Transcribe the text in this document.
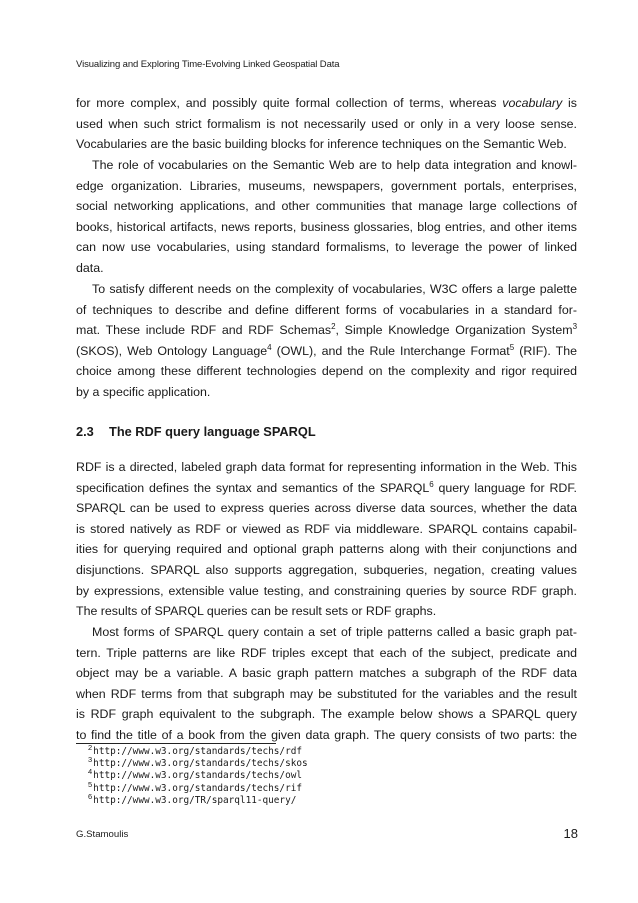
Visualizing and Exploring Time-Evolving Linked Geospatial Data
for more complex, and possibly quite formal collection of terms, whereas vocabulary is
used when such strict formalism is not necessarily used or only in a very loose sense.
Vocabularies are the basic building blocks for inference techniques on the Semantic Web.
The role of vocabularies on the Semantic Web are to help data integration and knowl-
edge organization. Libraries, museums, newspapers, government portals, enterprises,
social networking applications, and other communities that manage large collections of
books, historical artifacts, news reports, business glossaries, blog entries, and other items
can now use vocabularies, using standard formalisms, to leverage the power of linked
data.
To satisfy different needs on the complexity of vocabularies, W3C offers a large palette
of techniques to describe and define different forms of vocabularies in a standard for-
mat. These include RDF and RDF Schemas$^2$, Simple Knowledge Organization System$^3$
(SKOS), Web Ontology Language$^4$ (OWL), and the Rule Interchange Format$^5$ (RIF). The
choice among these different technologies depend on the complexity and rigor required
by a specific application.
2.3 The RDF query language SPARQL
RDF is a directed, labeled graph data format for representing information in the Web. This
specification defines the syntax and semantics of the SPARQL$^6$ query language for RDF.
SPARQL can be used to express queries across diverse data sources, whether the data
is stored natively as RDF or viewed as RDF via middleware. SPARQL contains capabil-
ities for querying required and optional graph patterns along with their conjunctions and
disjunctions. SPARQL also supports aggregation, subqueries, negation, creating values
by expressions, extensible value testing, and constraining queries by source RDF graph.
The results of SPARQL queries can be result sets or RDF graphs.
Most forms of SPARQL query contain a set of triple patterns called a basic graph pat-
tern. Triple patterns are like RDF triples except that each of the subject, predicate and
object may be a variable. A basic graph pattern matches a subgraph of the RDF data
when RDF terms from that subgraph may be substituted for the variables and the result
is RDF graph equivalent to the subgraph. The example below shows a SPARQL query
to find the title of a book from the given data graph. The query consists of two parts: the
$^2$http://www.w3.org/standards/techs/rdf
$^3$http://www.w3.org/standards/techs/skos
$^4$http://www.w3.org/standards/techs/owl
$^5$http://www.w3.org/standards/techs/rif
$^6$http://www.w3.org/TR/sparql11-query/
G.Stamoulis	18
